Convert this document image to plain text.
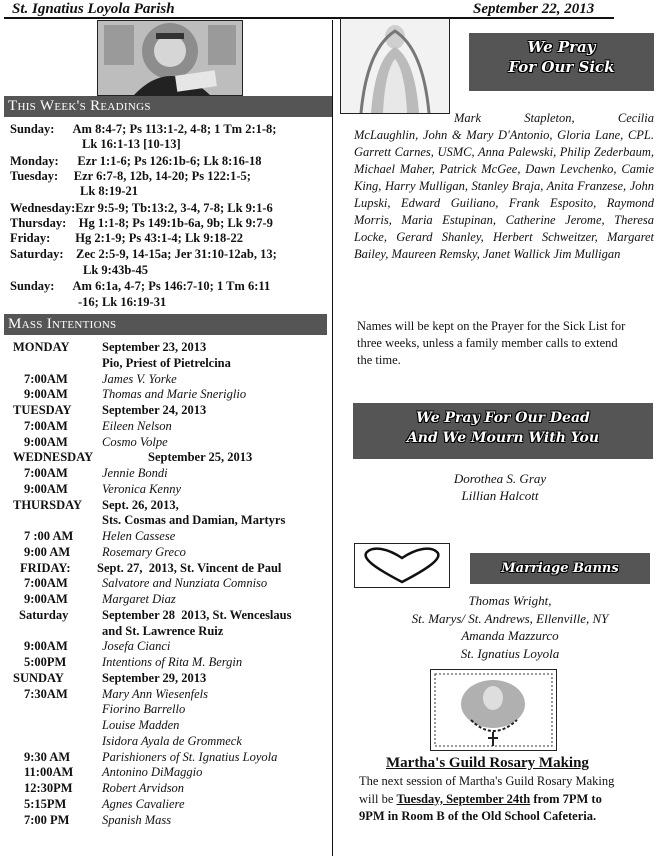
St. Ignatius Loyola Parish	September 22, 2013
This Week's Readings
Sunday:      Am 8:4-7; Ps 113:1-2, 4-8; 1 Tm 2:1-8;
Lk 16:1-13 [10-13]
Monday:      Ezr 1:1-6; Ps 126:1b-6; Lk 8:16-18
Tuesday:     Ezr 6:7-8, 12b, 14-20; Ps 122:1-5;
Lk 8:19-21
Wednesday:Ezr 9:5-9; Tb:13:2, 3-4, 7-8; Lk 9:1-6
Thursday:    Hg 1:1-8; Ps 149:1b-6a, 9b; Lk 9:7-9
Friday:        Hg 2:1-9; Ps 43:1-4; Lk 9:18-22
Saturday:    Zec 2:5-9, 14-15a; Jer 31:10-12ab, 13;
Lk 9:43b-45
Sunday:      Am 6:1a, 4-7; Ps 146:7-10; 1 Tm 6:11
-16; Lk 16:19-31
Mass Intentions
MONDAY	September 23, 2013
Pio, Priest of Pietrelcina
7:00AM	James V. Yorke
9:00AM	Thomas and Marie Sneriglio
TUESDAY September 24, 2013
7:00AM	Eileen Nelson
9:00AM	Cosmo Volpe
WEDNESDAY	September 25, 2013
7:00AM	Jennie Bondi
9:00AM	Veronica Kenny
THURSDAY Sept. 26, 2013,
Sts. Cosmas and Damian, Martyrs
7 :00 AM Helen Cassese
9:00 AM	Rosemary Greco
FRIDAY: Sept. 27,  2013, St. Vincent de Paul
7:00AM	Salvatore and Nunziata Comniso
9:00AM	Margaret Diaz
Saturday	September 28  2013, St. Wenceslaus
and St. Lawrence Ruiz
9:00AM	Josefa Cianci
5:00PM	Intentions of Rita M. Bergin
SUNDAY	September 29, 2013
7:30AM	Mary Ann Wiesenfels
Fiorino Barrello
Louise Madden
Isidora Ayala de Grommeck
9:30 AM	Parishioners of St. Ignatius Loyola
11:00AM Antonino DiMaggio
12:30PM Robert Arvidson
5:15PM	Agnes Cavaliere
7:00 PM	Spanish Mass
We Pray
For Our Sick
Mark Stapleton, Cecilia
McLaughlin, John & Mary D'Antonio, Gloria Lane, CPL. Garrett Carnes, USMC, Anna Palewski, Philip Zederbaum, Michael Maher, Patrick McGee, Dawn Levchenko, Camie King, Harry Mulligan, Stanley Braja, Anita Franzese, John Lupski, Edward Guiliano, Frank Esposito, Raymond Morris, Maria Estupinan, Catherine Jerome, Theresa Locke, Gerard Shanley, Herbert Schweitzer, Margaret Bailey, Maureen Remsky, Janet Wallick Jim Mulligan
Names will be kept on the Prayer for the Sick List for three weeks, unless a family member calls to extend the time.
We Pray For Our Dead
And We Mourn With You
Dorothea S. Gray
Lillian Halcott
Marriage Banns
Thomas Wright,
St. Marys/ St. Andrews, Ellenville, NY
Amanda Mazzurco
St. Ignatius Loyola
Martha's Guild Rosary Making
The next session of Martha's Guild Rosary Making will be Tuesday, September 24th from 7PM to 9PM in Room B of the Old School Cafeteria.
